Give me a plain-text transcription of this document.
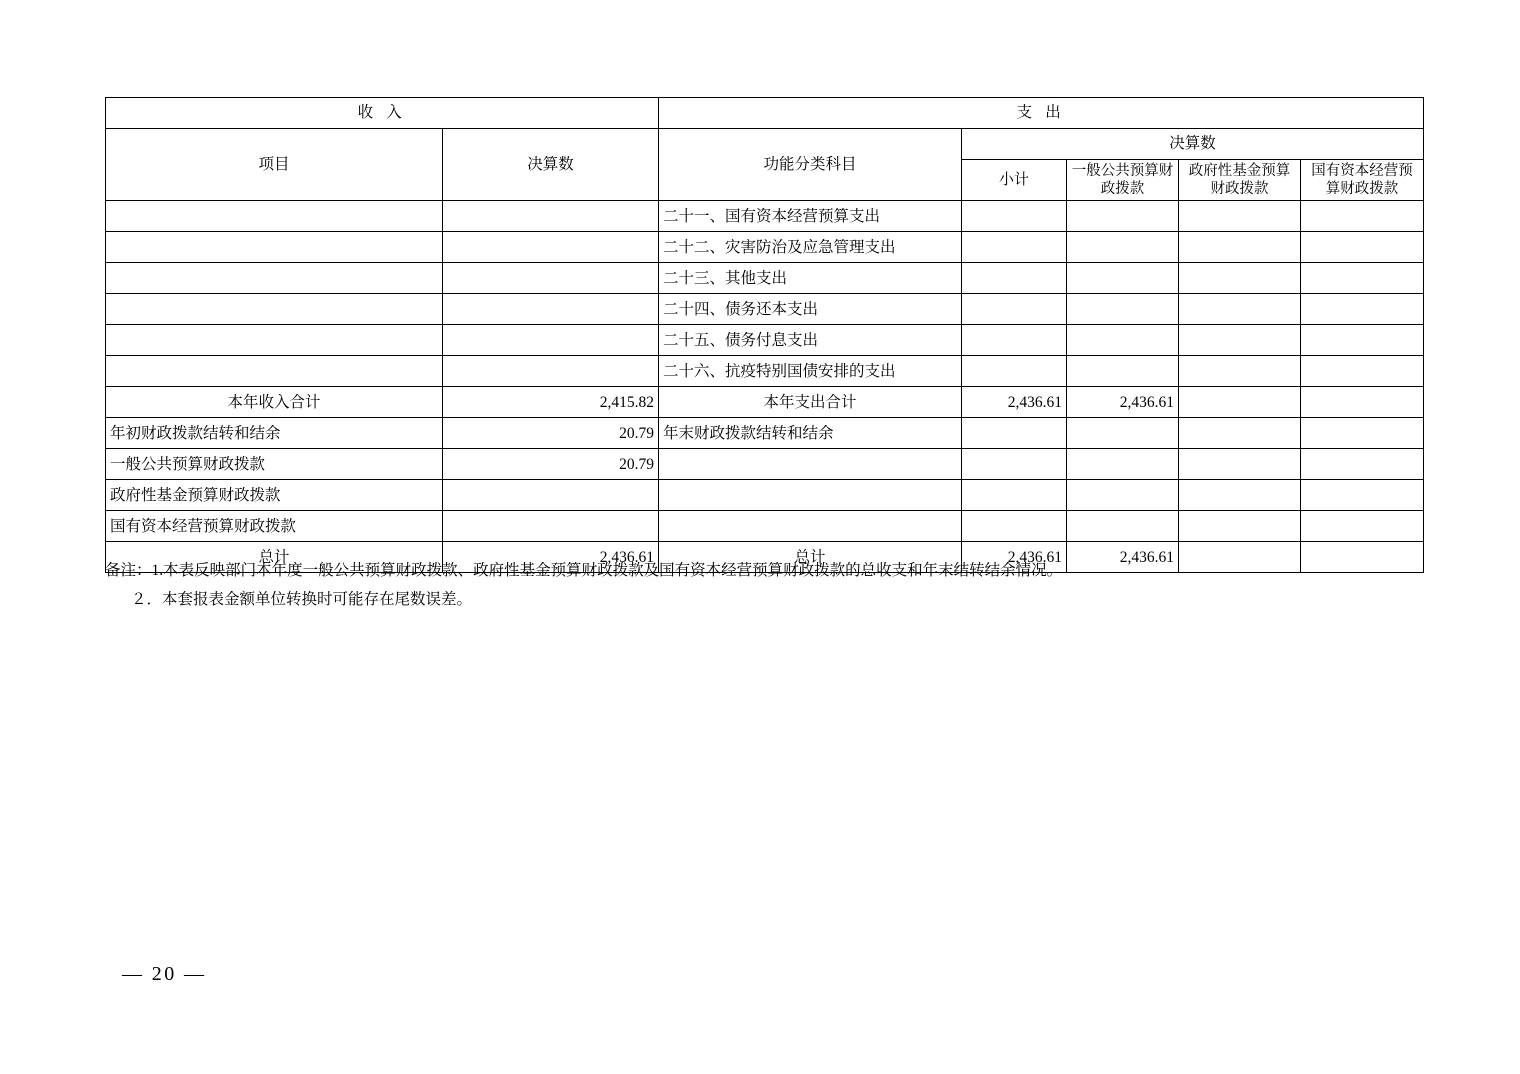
收 入		支 出				
项目	决算数	功能分类科目	决算数			
			小计	一般公共预算财政拨款	政府性基金预算财政拨款	国有资本经营预算财政拨款
		二十一、国有资本经营预算支出				
		二十二、灾害防治及应急管理支出				
		二十三、其他支出				
		二十四、债务还本支出				
		二十五、债务付息支出				
		二十六、抗疫特别国债安排的支出				
本年收入合计	2,415.82	本年支出合计	2,436.61	2,436.61		
年初财政拨款结转和结余	20.79	年末财政拨款结转和结余				
一般公共预算财政拨款	20.79					
政府性基金预算财政拨款						
国有资本经营预算财政拨款						
总计	2,436.61	总计	2,436.61	2,436.61		
备注：1.本表反映部门本年度一般公共预算财政拨款、政府性基金预算财政拨款及国有资本经营预算财政拨款的总收支和年末结转结余情况。
２．本套报表金额单位转换时可能存在尾数误差。
— 20 —
